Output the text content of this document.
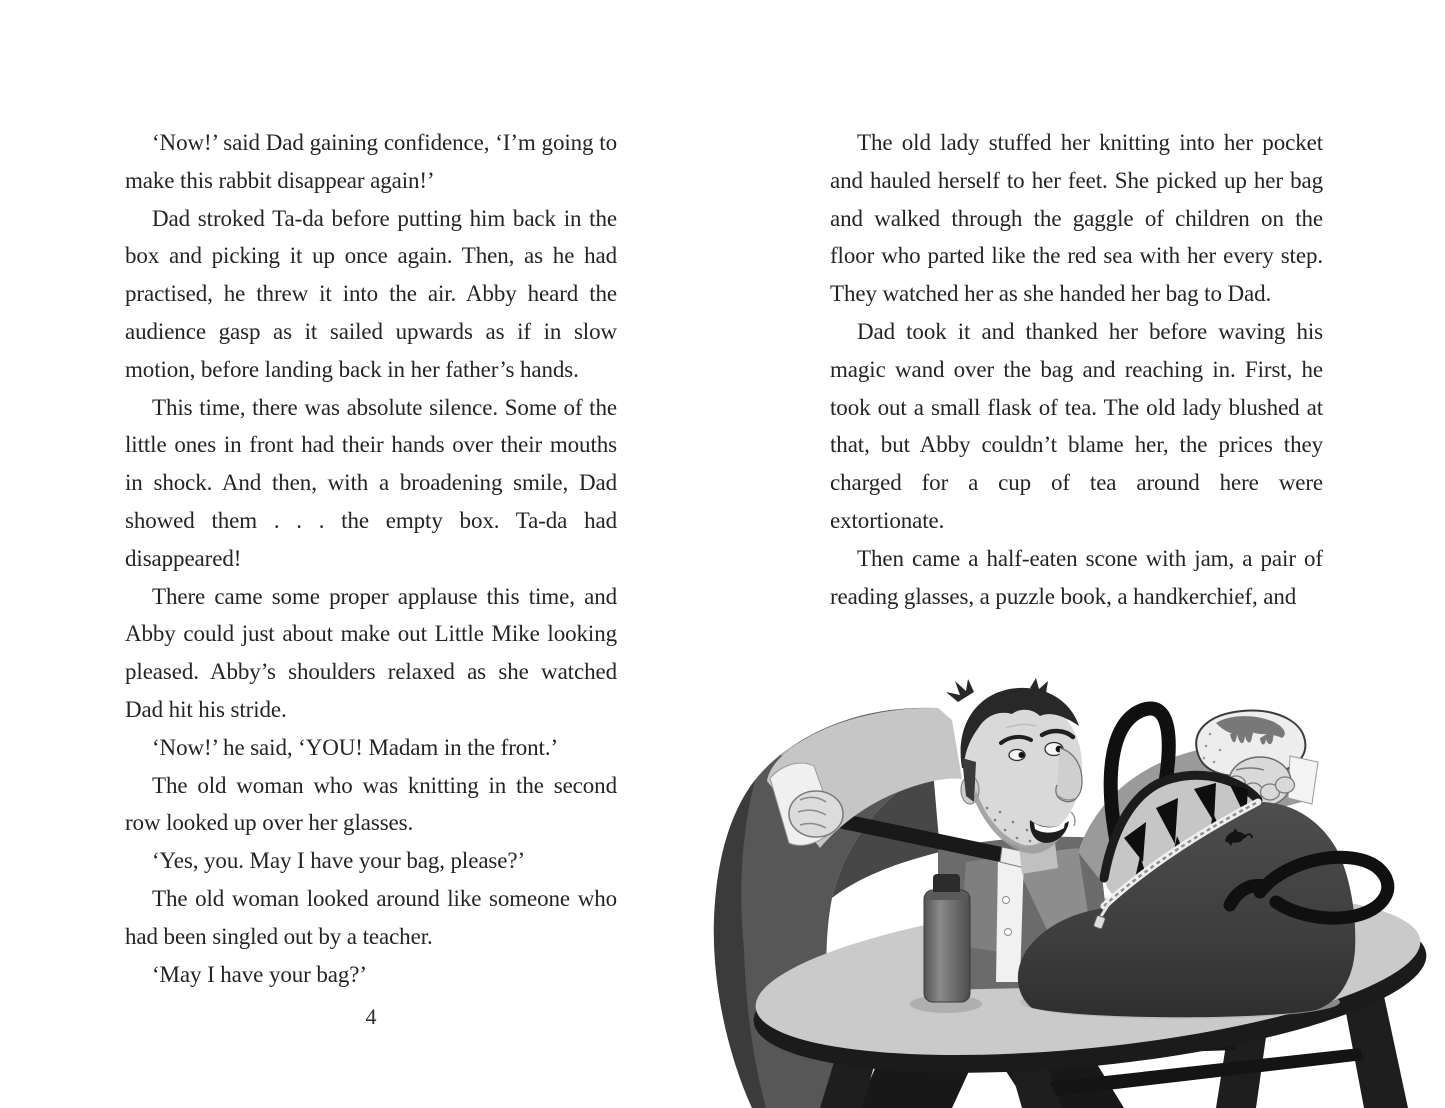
‘Now!’ said Dad gaining confidence, ‘I’m going to make this rabbit disappear again!’

Dad stroked Ta-da before putting him back in the box and picking it up once again. Then, as he had practised, he threw it into the air. Abby heard the audience gasp as it sailed upwards as if in slow motion, before landing back in her father’s hands.

This time, there was absolute silence. Some of the little ones in front had their hands over their mouths in shock. And then, with a broadening smile, Dad showed them . . . the empty box. Ta-da had disappeared!

There came some proper applause this time, and Abby could just about make out Little Mike looking pleased. Abby’s shoulders relaxed as she watched Dad hit his stride.

‘Now!’ he said, ‘YOU! Madam in the front.’

The old woman who was knitting in the second row looked up over her glasses.

‘Yes, you. May I have your bag, please?’

The old woman looked around like someone who had been singled out by a teacher.

‘May I have your bag?’

4

The old lady stuffed her knitting into her pocket and hauled herself to her feet. She picked up her bag and walked through the gaggle of children on the floor who parted like the red sea with her every step. They watched her as she handed her bag to Dad.

Dad took it and thanked her before waving his magic wand over the bag and reaching in. First, he took out a small flask of tea. The old lady blushed at that, but Abby couldn’t blame her, the prices they charged for a cup of tea around here were extortionate.

Then came a half-eaten scone with jam, a pair of reading glasses, a puzzle book, a handkerchief, and
